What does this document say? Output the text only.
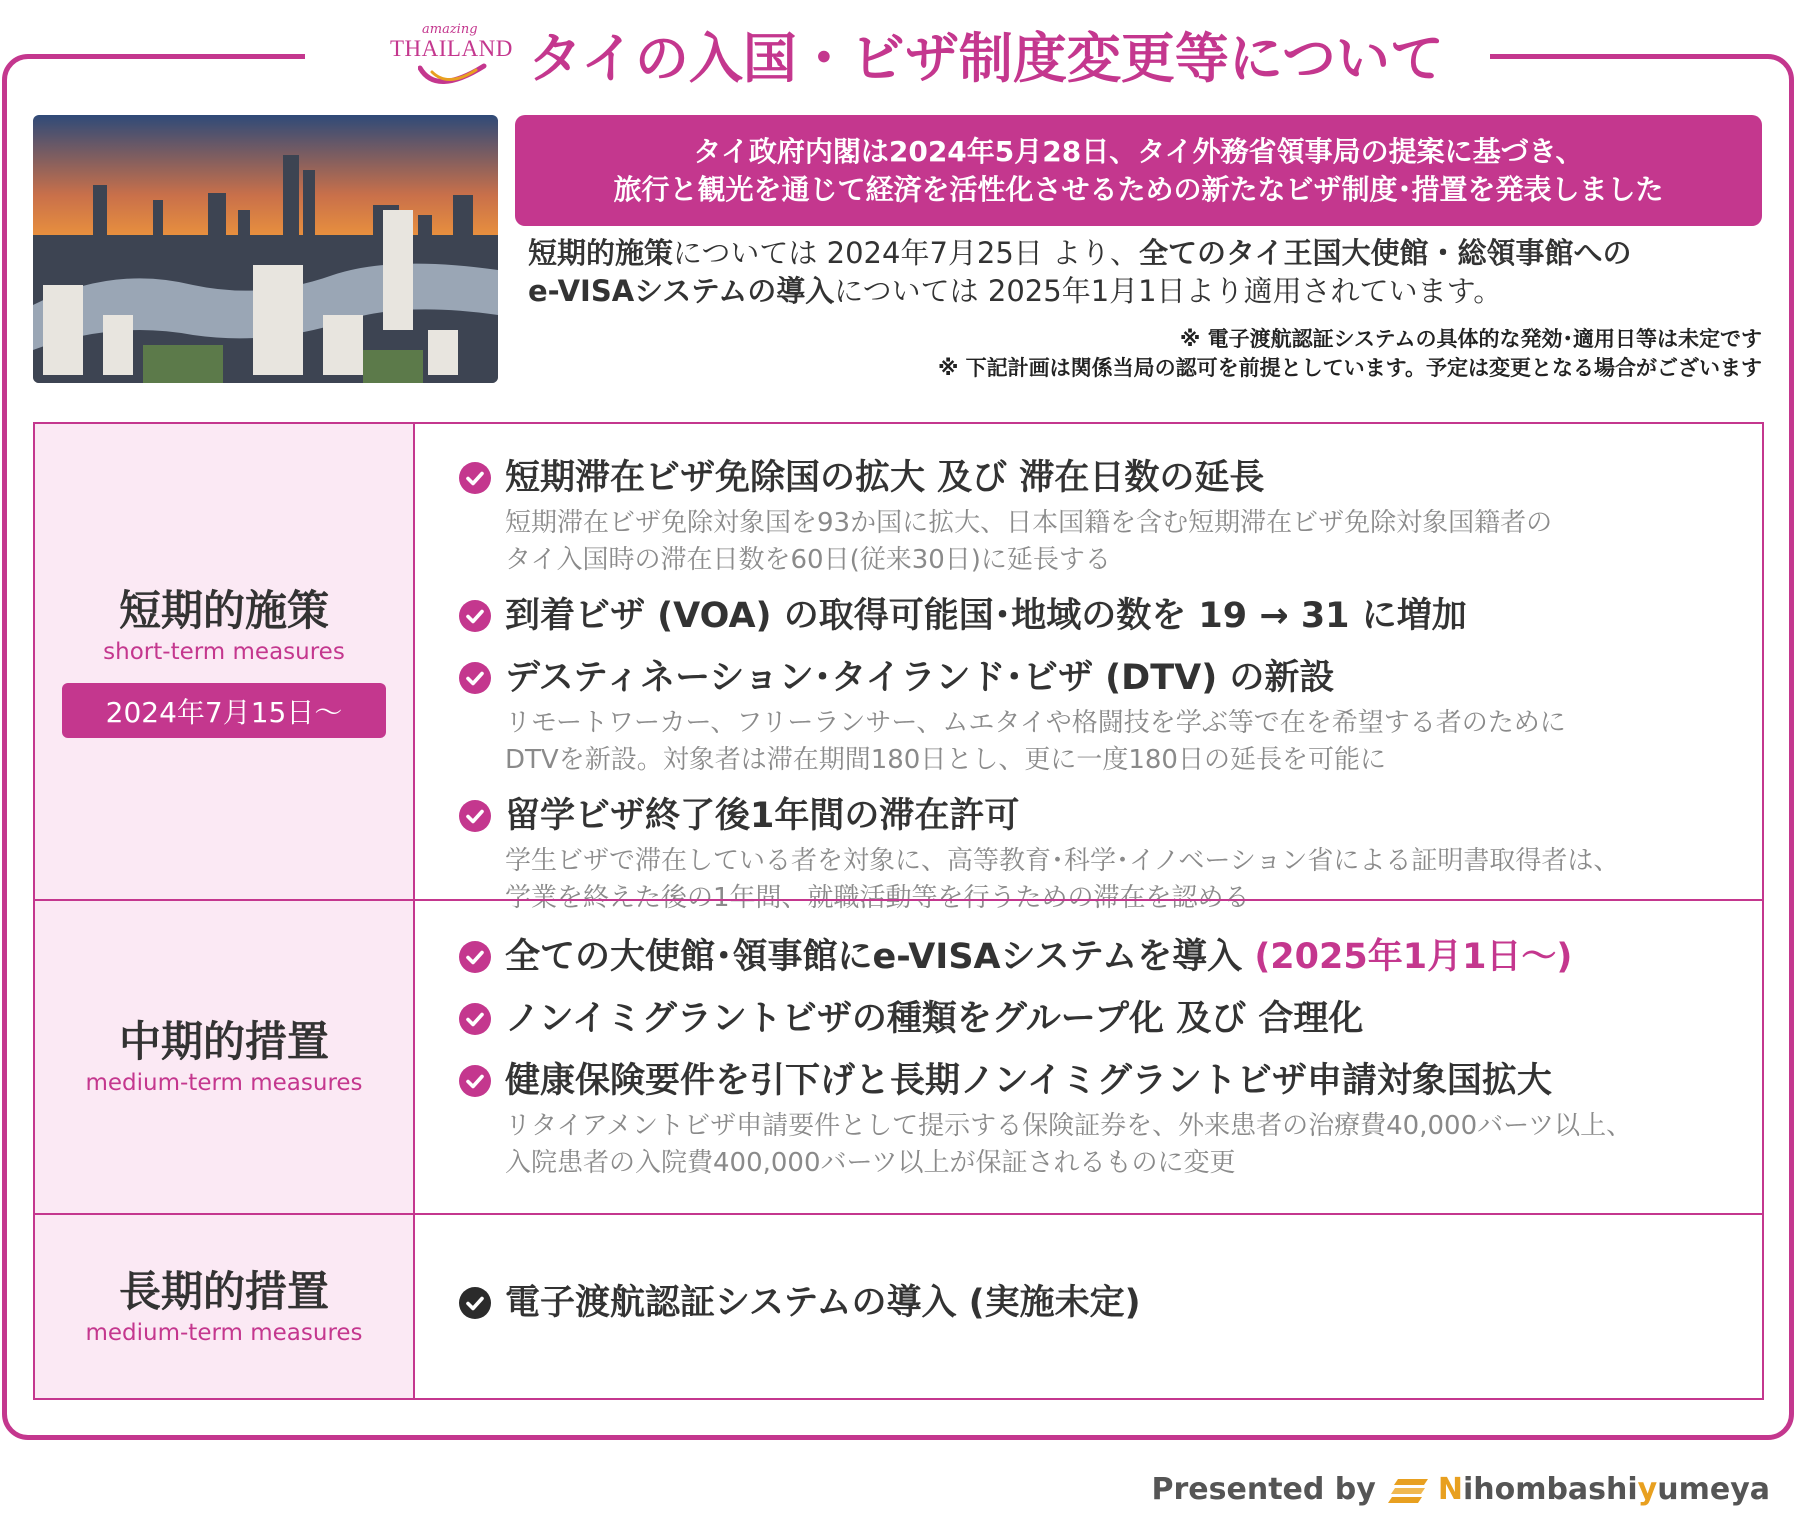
amazing
THAILAND タイの入国・ビザ制度変更等について
タイ政府内閣は2024年5月28日、タイ外務省領事局の提案に基づき、
旅行と観光を通じて経済を活性化させるための新たなビザ制度･措置を発表しました
短期的施策については 2024年7月25日 より、全てのタイ王国大使館・総領事館への
e-VISAシステムの導入については 2025年1月1日より適用されています。
※ 電子渡航認証システムの具体的な発効･適用日等は未定です
※ 下記計画は関係当局の認可を前提としています。予定は変更となる場合がございます
短期的施策
short-term measures
2024年7月15日〜
短期滞在ビザ免除国の拡大 及び 滞在日数の延長
短期滞在ビザ免除対象国を93か国に拡大、日本国籍を含む短期滞在ビザ免除対象国籍者の
タイ入国時の滞在日数を60日(従来30日)に延長する
到着ビザ (VOA) の取得可能国･地域の数を 19 → 31 に増加
デスティネーション･タイランド･ビザ (DTV) の新設
リモートワーカー、フリーランサー、ムエタイや格闘技を学ぶ等で在を希望する者のために
DTVを新設。対象者は滞在期間180日とし、更に一度180日の延長を可能に
留学ビザ終了後1年間の滞在許可
学生ビザで滞在している者を対象に、高等教育･科学･イノベーション省による証明書取得者は、
学業を終えた後の1年間、就職活動等を行うための滞在を認める
中期的措置
medium-term measures
全ての大使館･領事館にe-VISAシステムを導入 (2025年1月1日〜)
ノンイミグラントビザの種類をグループ化 及び 合理化
健康保険要件を引下げと長期ノンイミグラントビザ申請対象国拡大
リタイアメントビザ申請要件として提示する保険証券を、外来患者の治療費40,000バーツ以上、
入院患者の入院費400,000バーツ以上が保証されるものに変更
長期的措置
medium-term measures
電子渡航認証システムの導入 (実施未定)
Presented by N ihombashi y umeya
